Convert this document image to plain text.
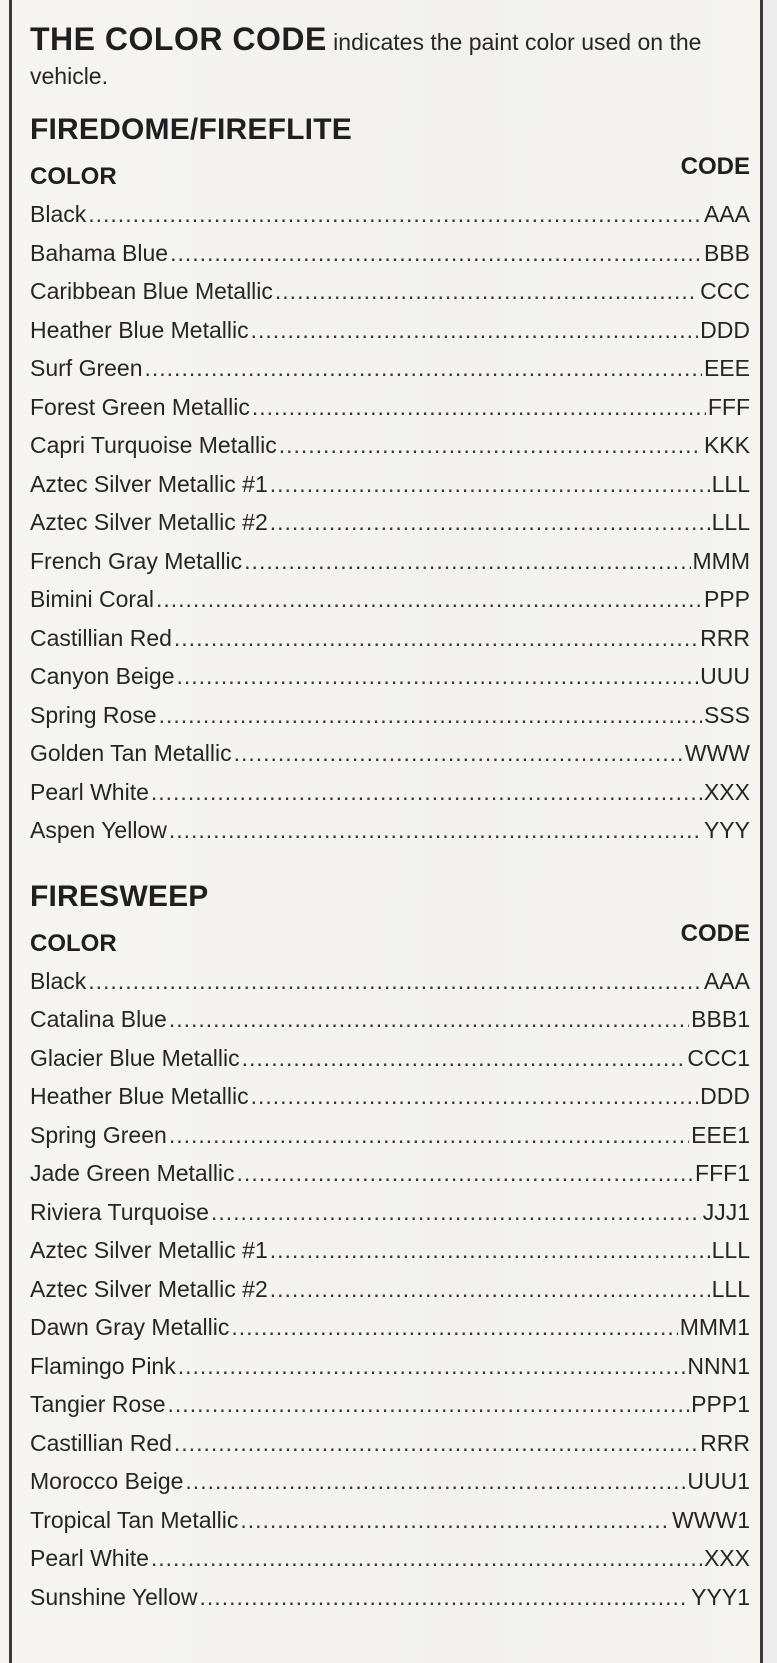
THE COLOR CODE indicates the paint color used on the vehicle.

FIREDOME/FIREFLITE
COLOR	CODE
Black .....	AAA
Bahama Blue .....	BBB
Caribbean Blue Metallic .....	CCC
Heather Blue Metallic .....	DDD
Surf Green .....	EEE
Forest Green Metallic .....	FFF
Capri Turquoise Metallic .....	KKK
Aztec Silver Metallic #1 .....	LLL
Aztec Silver Metallic #2 .....	LLL
French Gray Metallic .....	MMM
Bimini Coral .....	PPP
Castillian Red .....	RRR
Canyon Beige .....	UUU
Spring Rose .....	SSS
Golden Tan Metallic .....	WWW
Pearl White .....	XXX
Aspen Yellow .....	YYY
FIRESWEEP
COLOR	CODE
Black .....	AAA
Catalina Blue .....	BBB1
Glacier Blue Metallic .....	CCC1
Heather Blue Metallic .....	DDD
Spring Green .....	EEE1
Jade Green Metallic .....	FFF1
Riviera Turquoise .....	JJJ1
Aztec Silver Metallic #1 .....	LLL
Aztec Silver Metallic #2 .....	LLL
Dawn Gray Metallic .....	MMM1
Flamingo Pink .....	NNN1
Tangier Rose .....	PPP1
Castillian Red .....	RRR
Morocco Beige .....	UUU1
Tropical Tan Metallic .....	WWW1
Pearl White .....	XXX
Sunshine Yellow .....	YYY1
